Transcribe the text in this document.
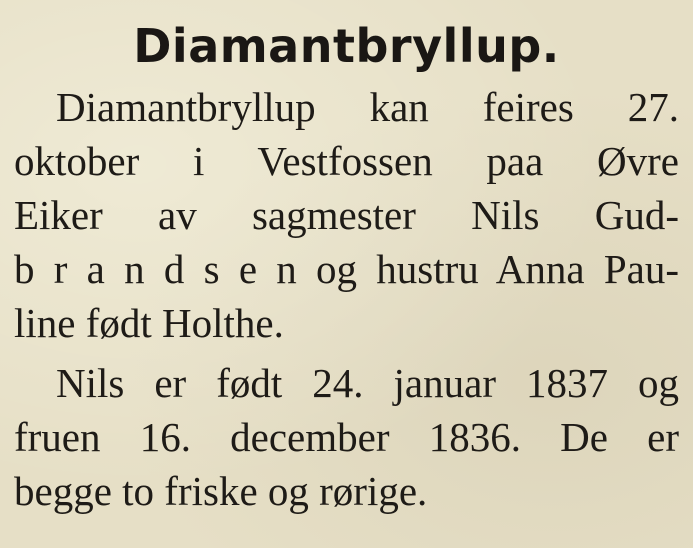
Diamantbryllup.
Diamantbryllup kan feires 27.
oktober i Vestfossen paa Øvre
Eiker av sagmester Nils Gud-
b r a n d s e n og hustru Anna Pau-
line født Holthe.
Nils er født 24. januar 1837 og
fruen 16. december 1836. De er
begge to friske og rørige.
